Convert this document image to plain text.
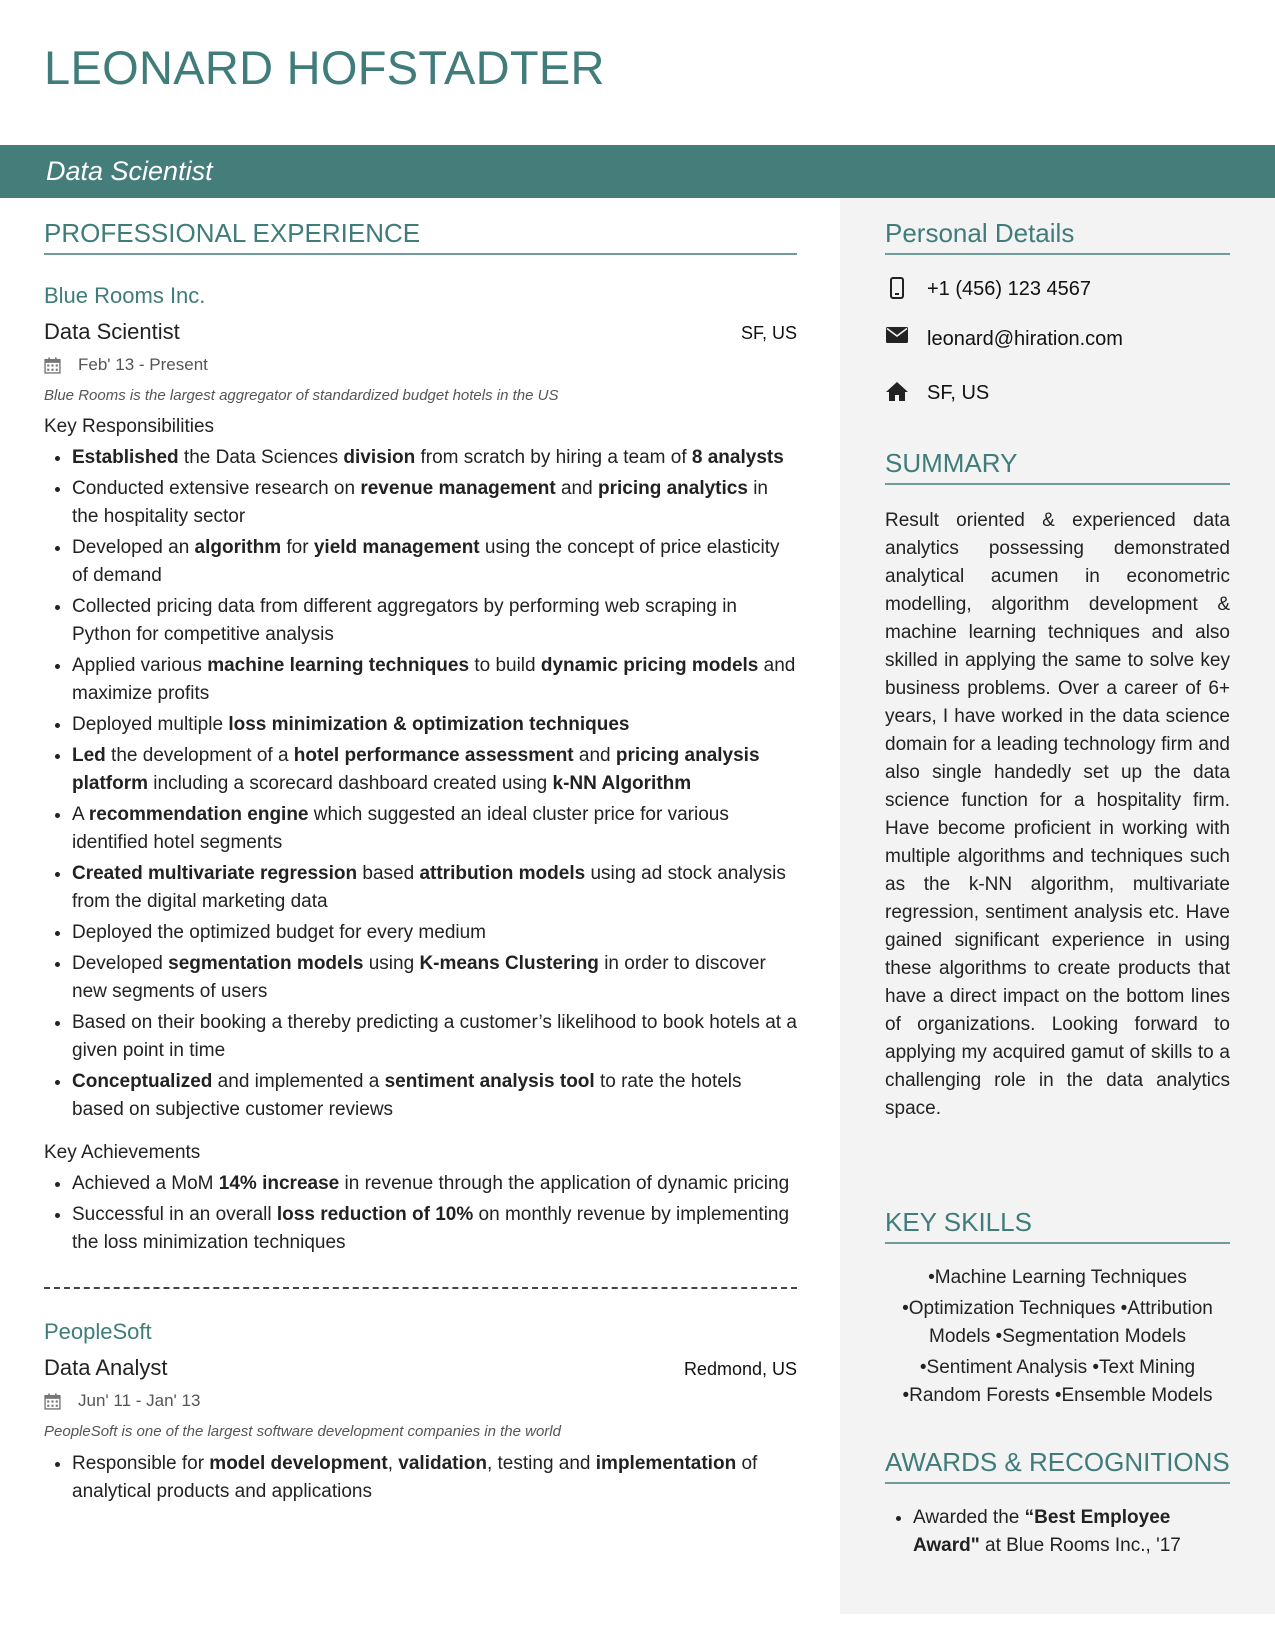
LEONARD HOFSTADTER
Data Scientist
PROFESSIONAL EXPERIENCE
Blue Rooms Inc.
Data Scientist	SF, US
Feb' 13 - Present
Blue Rooms is the largest aggregator of standardized budget hotels in the US
Key Responsibilities
• Established the Data Sciences division from scratch by hiring a team of 8 analysts
• Conducted extensive research on revenue management and pricing analytics in the hospitality sector
• Developed an algorithm for yield management using the concept of price elasticity of demand
• Collected pricing data from different aggregators by performing web scraping in Python for competitive analysis
• Applied various machine learning techniques to build dynamic pricing models and maximize profits
• Deployed multiple loss minimization & optimization techniques
• Led the development of a hotel performance assessment and pricing analysis platform including a scorecard dashboard created using k-NN Algorithm
• A recommendation engine which suggested an ideal cluster price for various identified hotel segments
• Created multivariate regression based attribution models using ad stock analysis from the digital marketing data
• Deployed the optimized budget for every medium
• Developed segmentation models using K-means Clustering in order to discover new segments of users
• Based on their booking a thereby predicting a customer’s likelihood to book hotels at a given point in time
• Conceptualized and implemented a sentiment analysis tool to rate the hotels based on subjective customer reviews
Key Achievements
• Achieved a MoM 14% increase in revenue through the application of dynamic pricing
• Successful in an overall loss reduction of 10% on monthly revenue by implementing the loss minimization techniques
PeopleSoft
Data Analyst	Redmond, US
Jun' 11 - Jan' 13
PeopleSoft is one of the largest software development companies in the world
• Responsible for model development, validation, testing and implementation of analytical products and applications
Personal Details
+1 (456) 123 4567
leonard@hiration.com
SF, US
SUMMARY
Result oriented & experienced data analytics possessing demonstrated analytical acumen in econometric modelling, algorithm development & machine learning techniques and also skilled in applying the same to solve key business problems. Over a career of 6+ years, I have worked in the data science domain for a leading technology firm and also single handedly set up the data science function for a hospitality firm. Have become proficient in working with multiple algorithms and techniques such as the k-NN algorithm, multivariate regression, sentiment analysis etc. Have gained significant experience in using these algorithms to create products that have a direct impact on the bottom lines of organizations. Looking forward to applying my acquired gamut of skills to a challenging role in the data analytics space.
KEY SKILLS
•Machine Learning Techniques
•Optimization Techniques •Attribution Models •Segmentation Models
•Sentiment Analysis •Text Mining •Random Forests •Ensemble Models
AWARDS & RECOGNITIONS
• Awarded the “Best Employee Award" at Blue Rooms Inc., '17
